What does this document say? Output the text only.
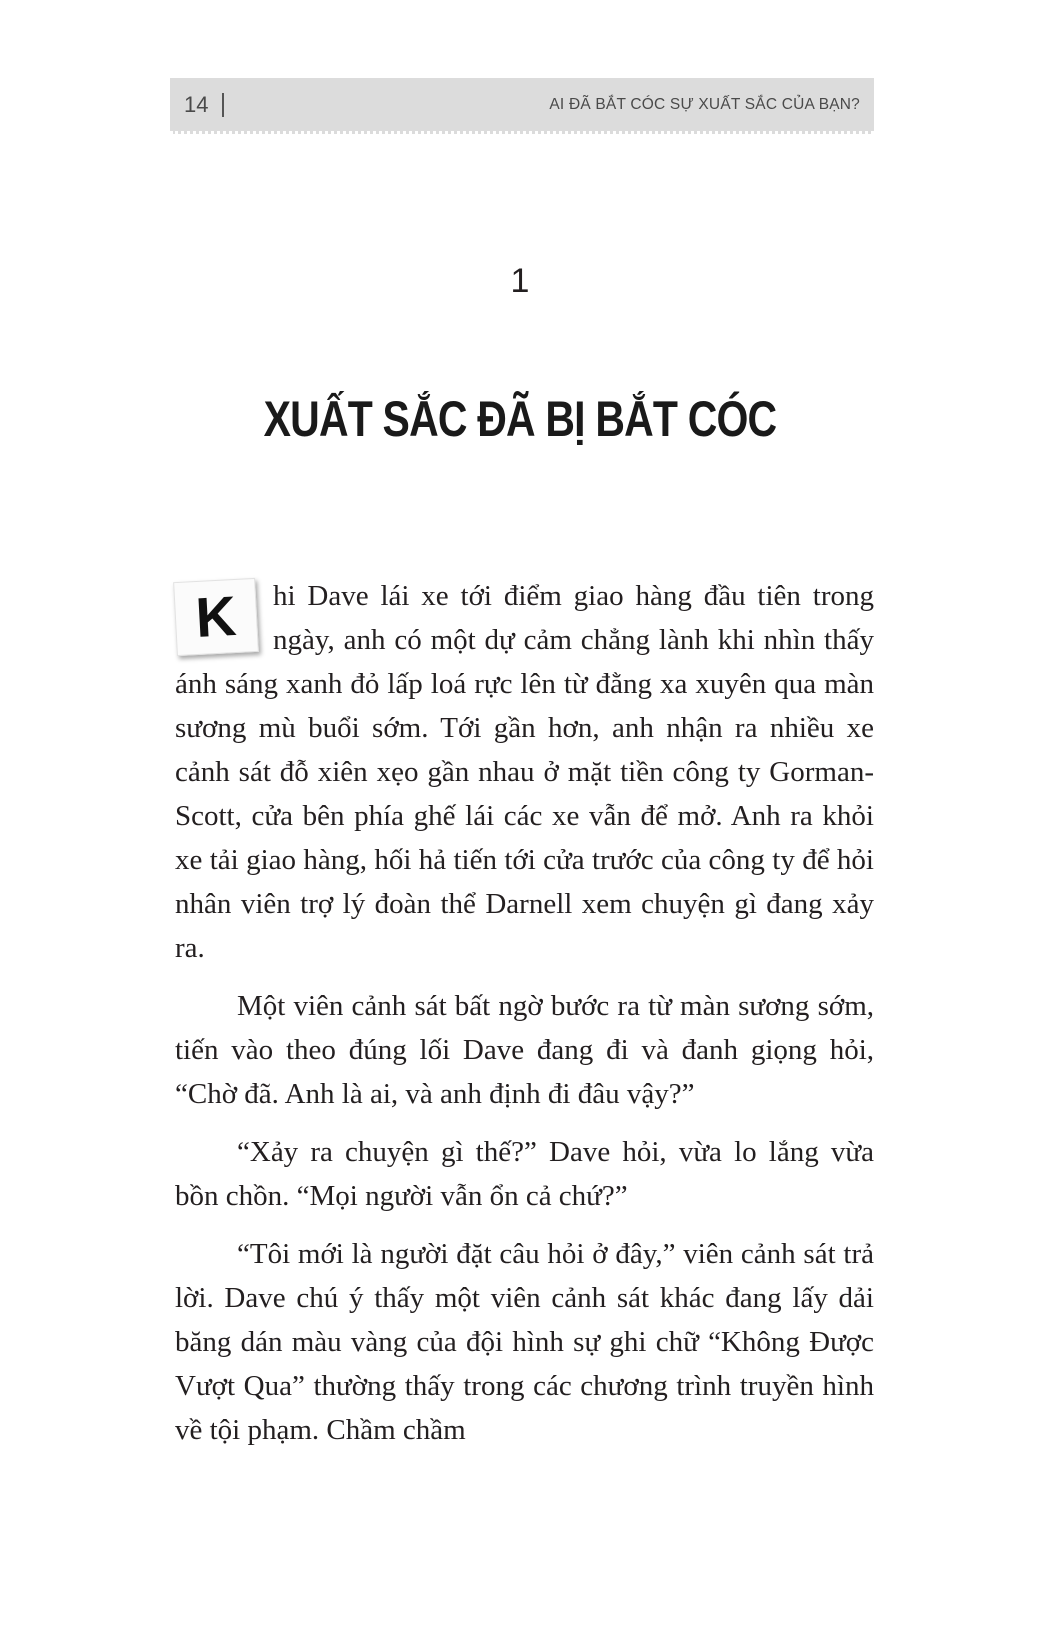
14	AI ĐÃ BẮT CÓC SỰ XUẤT SẮC CỦA BẠN?
1
XUẤT SẮC ĐÃ BỊ BẮT CÓC

K	hi Dave lái xe tới điểm giao hàng đầu tiên trong ngày, anh có một dự cảm chẳng lành khi nhìn thấy ánh sáng xanh đỏ lấp loá rực lên từ đằng xa xuyên qua màn sương mù buổi sớm. Tới gần hơn, anh nhận ra nhiều xe cảnh sát đỗ xiên xẹo gần nhau ở mặt tiền công ty Gorman-Scott, cửa bên phía ghế lái các xe vẫn để mở. Anh ra khỏi xe tải giao hàng, hối hả tiến tới cửa trước của công ty để hỏi nhân viên trợ lý đoàn thể Darnell xem chuyện gì đang xảy ra.

Một viên cảnh sát bất ngờ bước ra từ màn sương sớm, tiến vào theo đúng lối Dave đang đi và đanh giọng hỏi, “Chờ đã. Anh là ai, và anh định đi đâu vậy?”

“Xảy ra chuyện gì thế?” Dave hỏi, vừa lo lắng vừa bồn chồn. “Mọi người vẫn ổn cả chứ?”

“Tôi mới là người đặt câu hỏi ở đây,” viên cảnh sát trả lời. Dave chú ý thấy một viên cảnh sát khác đang lấy dải băng dán màu vàng của đội hình sự ghi chữ “Không Được Vượt Qua” thường thấy trong các chương trình truyền hình về tội phạm. Chầm chầm
